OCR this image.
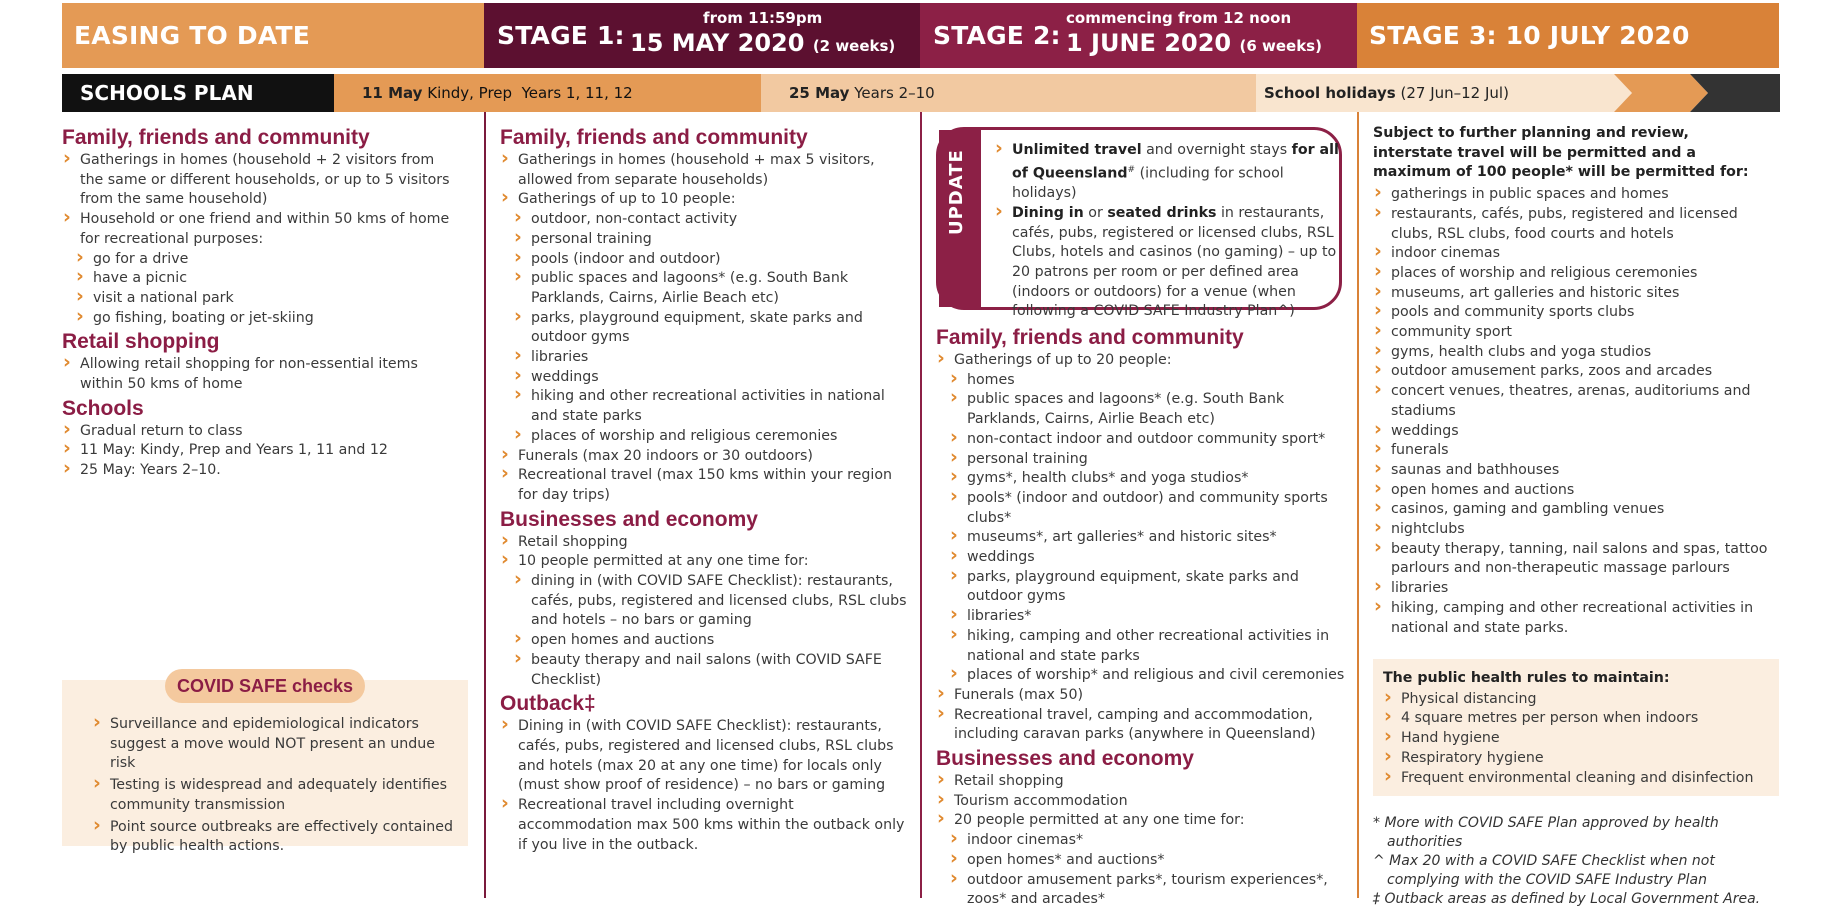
EASING TO DATE	STAGE 1:
from 11:59pm
15 MAY 2020 (2 weeks) STAGE 2:
commencing from 12 noon
1 JUNE 2020 (6 weeks) STAGE 3: 10 JULY 2020
SCHOOLS PLAN	11 May Kindy, Prep  Years 1, 11, 12	25 May Years 2–10	School holidays (27 Jun–12 Jul)
Family, friends and community
› Gatherings in homes (household + 2 visitors from the same or different households, or up to 5 visitors from the same household)
› Household or one friend and within 50 kms of home for recreational purposes:
› go for a drive
› have a picnic
› visit a national park
› go fishing, boating or jet-skiing
Retail shopping
› Allowing retail shopping for non-essential items within 50 kms of home
Schools
› Gradual return to class
› 11 May: Kindy, Prep and Years 1, 11 and 12
› 25 May: Years 2–10.
COVID SAFE checks
› Surveillance and epidemiological indicators suggest a move would NOT present an undue risk
› Testing is widespread and adequately identifies community transmission
› Point source outbreaks are effectively contained by public health actions.
Family, friends and community
› Gatherings in homes (household + max 5 visitors, allowed from separate households)
› Gatherings of up to 10 people:
› outdoor, non-contact activity
› personal training
› pools (indoor and outdoor)
› public spaces and lagoons* (e.g. South Bank Parklands, Cairns, Airlie Beach etc)
› parks, playground equipment, skate parks and outdoor gyms
› libraries
› weddings
› hiking and other recreational activities in national and state parks
› places of worship and religious ceremonies
› Funerals (max 20 indoors or 30 outdoors)
› Recreational travel (max 150 kms within your region for day trips)
Businesses and economy
› Retail shopping
› 10 people permitted at any one time for:
› dining in (with COVID SAFE Checklist): restaurants, cafés, pubs, registered and licensed clubs, RSL clubs and hotels – no bars or gaming
› open homes and auctions
› beauty therapy and nail salons (with COVID SAFE Checklist)
Outback‡
› Dining in (with COVID SAFE Checklist): restaurants, cafés, pubs, registered and licensed clubs, RSL clubs and hotels (max 20 at any one time) for locals only (must show proof of residence) – no bars or gaming
› Recreational travel including overnight accommodation max 500 kms within the outback only if you live in the outback.
UPDATE
›	Unlimited travel and overnight stays for all of Queensland# (including for school holidays)
› Dining in or seated drinks in restaurants, cafés, pubs, registered or licensed clubs, RSL Clubs, hotels and casinos (no gaming) – up to 20 patrons per room or per defined area (indoors or outdoors) for a venue (when following a COVID SAFE Industry Plan^)
Family, friends and community
› Gatherings of up to 20 people:
› homes
› public spaces and lagoons* (e.g. South Bank Parklands, Cairns, Airlie Beach etc)
› non-contact indoor and outdoor community sport*
› personal training
› gyms*, health clubs* and yoga studios*
› pools* (indoor and outdoor) and community sports clubs*
› museums*, art galleries* and historic sites*
› weddings
› parks, playground equipment, skate parks and outdoor gyms
› libraries*
› hiking, camping and other recreational activities in national and state parks
› places of worship* and religious and civil ceremonies
› Funerals (max 50)
› Recreational travel, camping and accommodation, including caravan parks (anywhere in Queensland)
Businesses and economy
› Retail shopping
› Tourism accommodation
› 20 people permitted at any one time for:
› indoor cinemas*
› open homes* and auctions*
› outdoor amusement parks*, tourism experiences*, zoos* and arcades*

Subject to further planning and review, interstate travel will be permitted and a maximum of 100 people* will be permitted for:

› gatherings in public spaces and homes
› restaurants, cafés, pubs, registered and licensed clubs, RSL clubs, food courts and hotels
› indoor cinemas
› places of worship and religious ceremonies
› museums, art galleries and historic sites
› pools and community sports clubs
› community sport
› gyms, health clubs and yoga studios
› outdoor amusement parks, zoos and arcades
› concert venues, theatres, arenas, auditoriums and stadiums
› weddings
› funerals
› saunas and bathhouses
› open homes and auctions
› casinos, gaming and gambling venues
› nightclubs
› beauty therapy, tanning, nail salons and spas, tattoo parlours and non-therapeutic massage parlours
› libraries
› hiking, camping and other recreational activities in national and state parks.
The public health rules to maintain:
› Physical distancing
› 4 square metres per person when indoors
› Hand hygiene
› Respiratory hygiene
› Frequent environmental cleaning and disinfection
* More with COVID SAFE Plan approved by health authorities
^ Max 20 with a COVID SAFE Checklist when not complying with the COVID SAFE Industry Plan
‡ Outback areas as defined by Local Government Area.
